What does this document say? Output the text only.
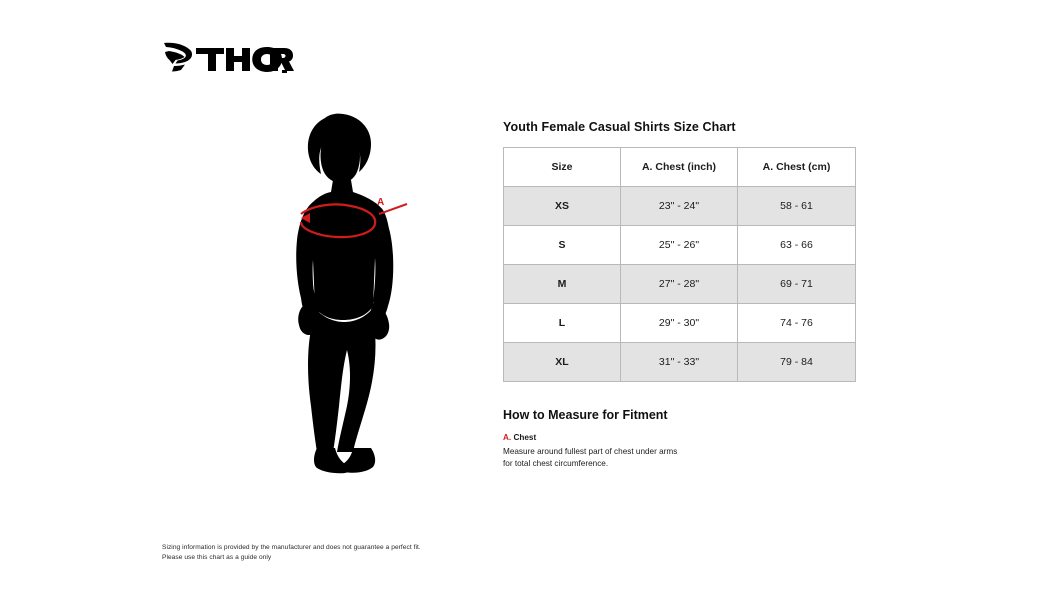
A
Youth Female Casual Shirts Size Chart
Size	A. Chest (inch)	A. Chest (cm)
XS	23" - 24"	58 - 61
S	25" - 26"	63 - 66
M	27" - 28"	69 - 71
L	29" - 30"	74 - 76
XL	31" - 33"	79 - 84
How to Measure for Fitment
A. Chest
Measure around fullest part of chest under arms for total chest circumference.
Sizing information is provided by the manufacturer and does not guarantee a perfect fit.
Please use this chart as a guide only
